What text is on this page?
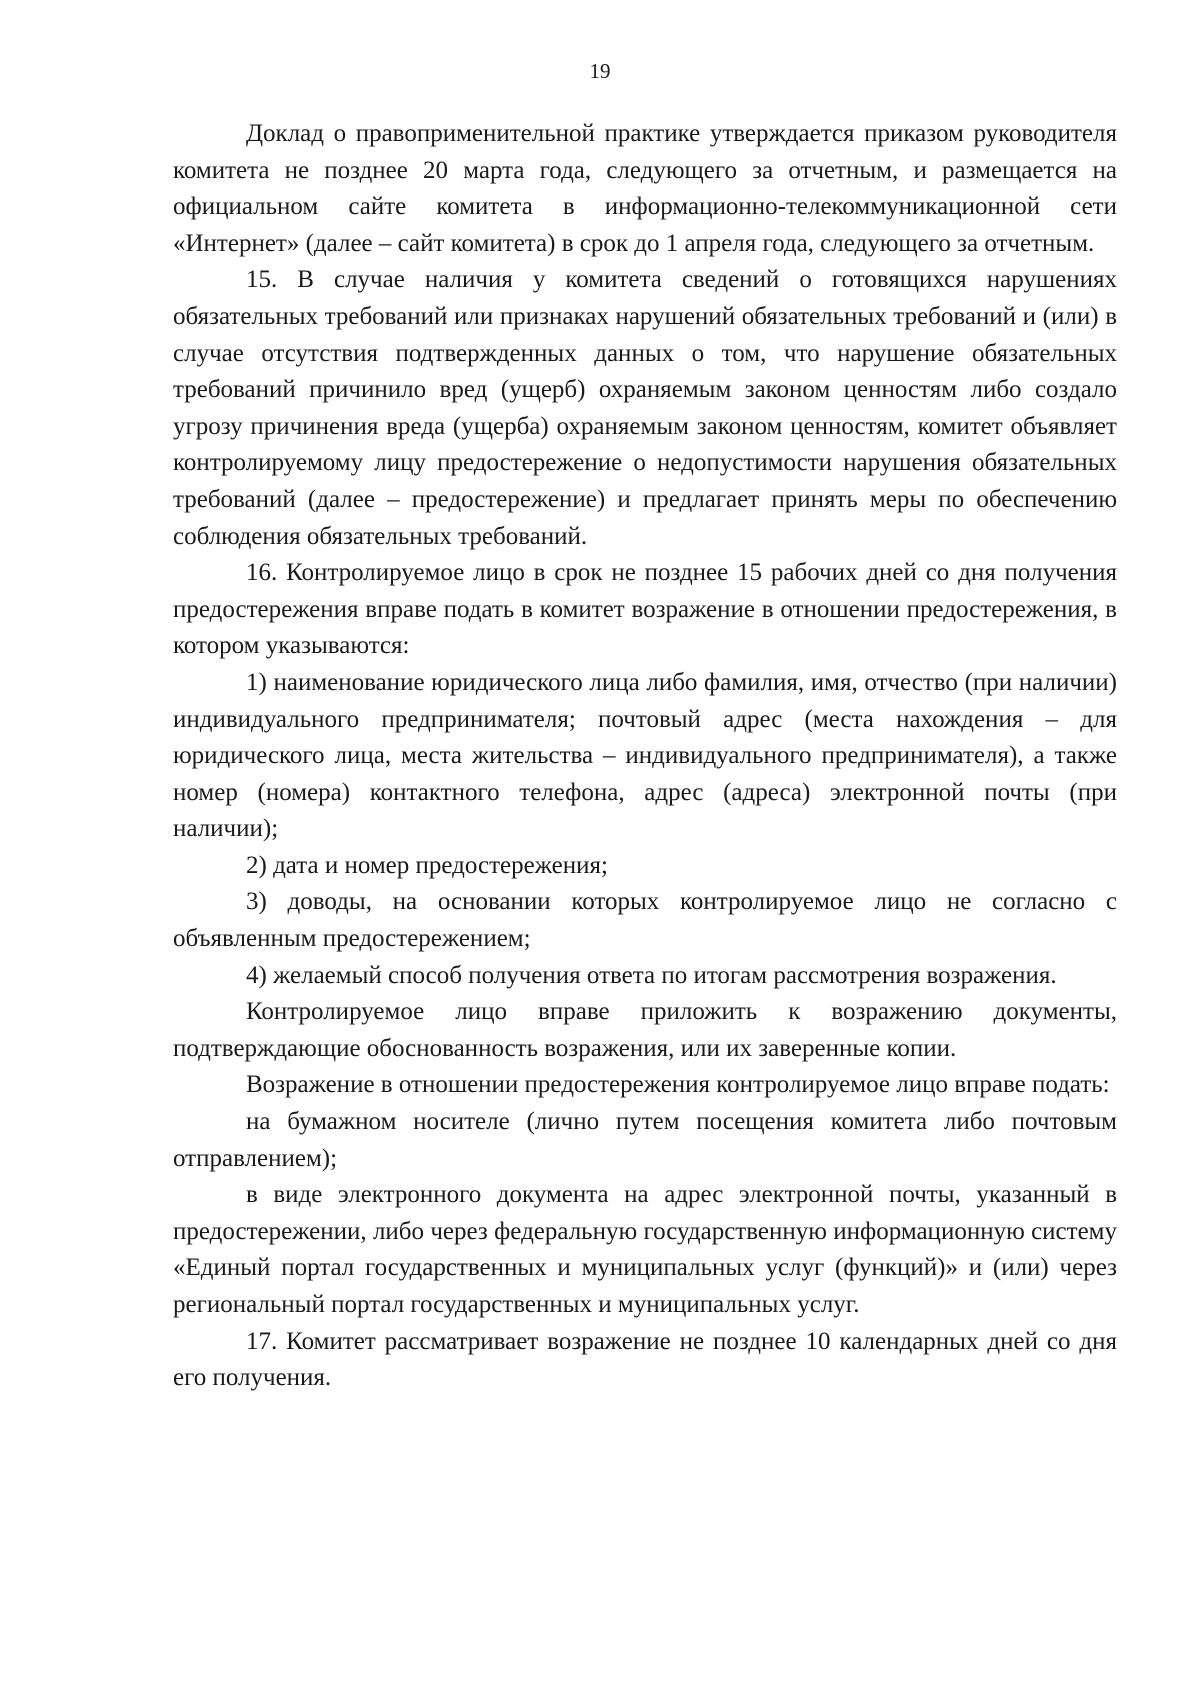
19

Доклад о правоприменительной практике утверждается приказом руководителя комитета не позднее 20 марта года, следующего за отчетным, и размещается на официальном сайте комитета в информационно-телекоммуникационной сети «Интернет» (далее – сайт комитета) в срок до 1 апреля года, следующего за отчетным.

15. В случае наличия у комитета сведений о готовящихся нарушениях обязательных требований или признаках нарушений обязательных требований и (или) в случае отсутствия подтвержденных данных о том, что нарушение обязательных требований причинило вред (ущерб) охраняемым законом ценностям либо создало угрозу причинения вреда (ущерба) охраняемым законом ценностям, комитет объявляет контролируемому лицу предостережение о недопустимости нарушения обязательных требований (далее – предостережение) и предлагает принять меры по обеспечению соблюдения обязательных требований.

16. Контролируемое лицо в срок не позднее 15 рабочих дней со дня получения предостережения вправе подать в комитет возражение в отношении предостережения, в котором указываются:

1) наименование юридического лица либо фамилия, имя, отчество (при наличии) индивидуального предпринимателя; почтовый адрес (места нахождения – для юридического лица, места жительства – индивидуального предпринимателя), а также номер (номера) контактного телефона, адрес (адреса) электронной почты (при наличии);

2) дата и номер предостережения;

3) доводы, на основании которых контролируемое лицо не согласно с объявленным предостережением;

4) желаемый способ получения ответа по итогам рассмотрения возражения.

Контролируемое лицо вправе приложить к возражению документы, подтверждающие обоснованность возражения, или их заверенные копии.

Возражение в отношении предостережения контролируемое лицо вправе подать:

на бумажном носителе (лично путем посещения комитета либо почтовым отправлением);

в виде электронного документа на адрес электронной почты, указанный в предостережении, либо через федеральную государственную информационную систему «Единый портал государственных и муниципальных услуг (функций)» и (или) через региональный портал государственных и муниципальных услуг.

17. Комитет рассматривает возражение не позднее 10 календарных дней со дня его получения.
